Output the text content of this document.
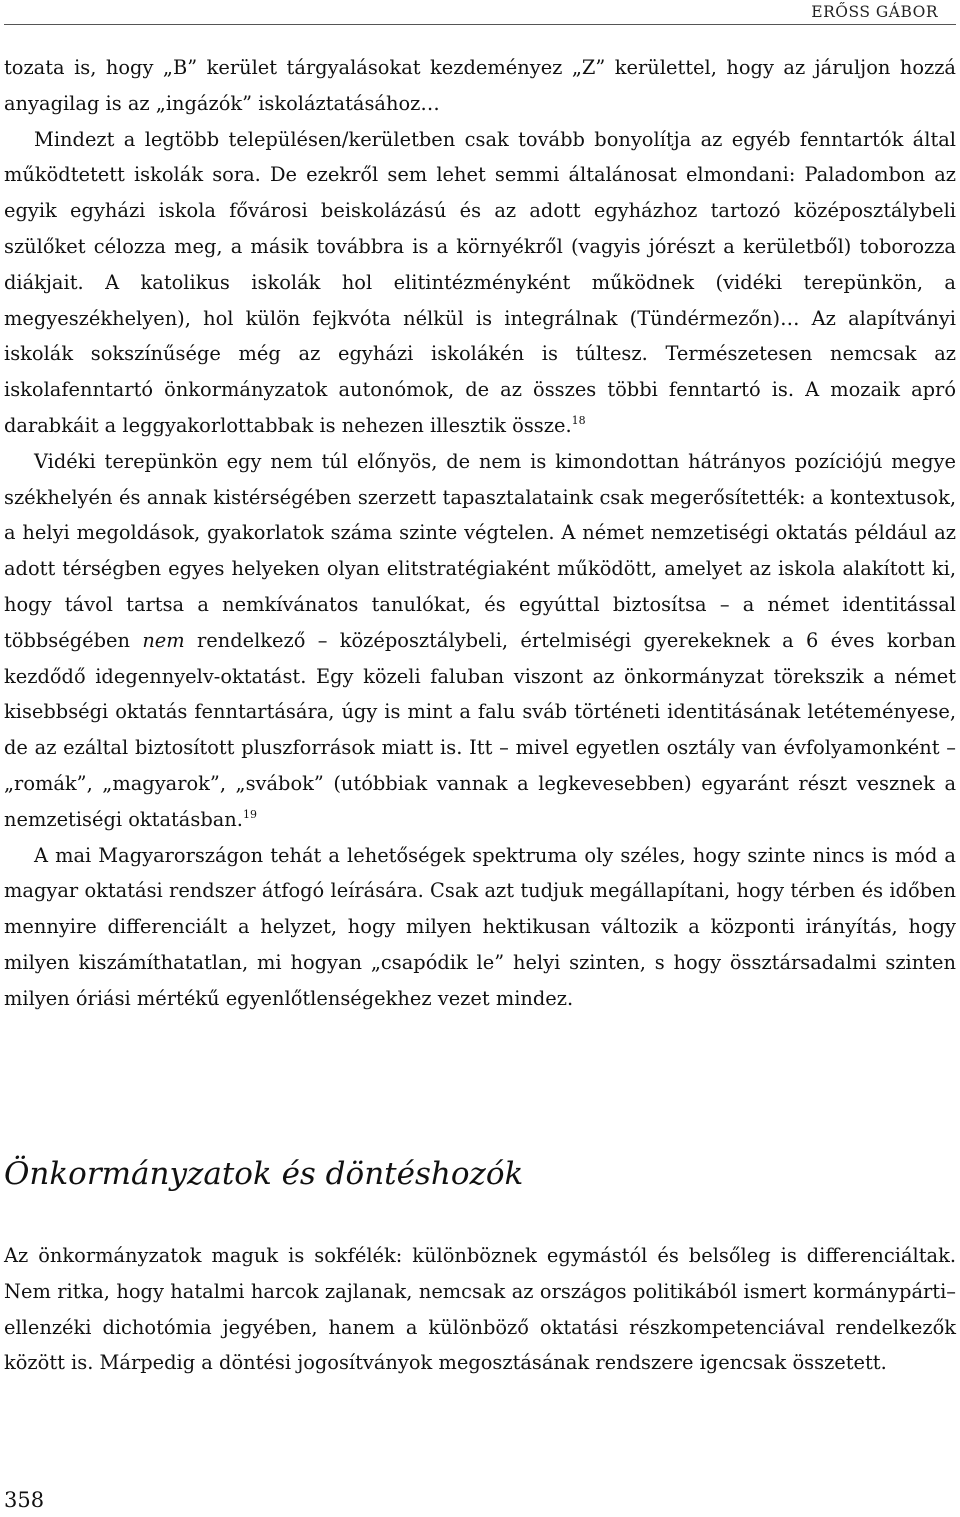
ERŐSS GÁBOR

tozata is, hogy „B” kerület tárgyalásokat kezdeményez „Z” kerülettel, hogy az járuljon hozzá anyagilag is az „ingázók” iskoláztatásához…

Mindezt a legtöbb településen/kerületben csak tovább bonyolítja az egyéb fenntartók által működtetett iskolák sora. De ezekről sem lehet semmi általánosat elmondani: Paladombon az egyik egyházi iskola fővárosi beiskolázású és az adott egyházhoz tartozó középosztálybeli szülőket célozza meg, a másik továbbra is a környékről (vagyis jórészt a kerületből) toborozza diákjait. A katolikus iskolák hol elitintézményként működnek (vidéki terepünkön, a megyeszékhelyen), hol külön fejkvóta nélkül is integrálnak (Tündérmezőn)… Az alapítványi iskolák sokszínűsége még az egyházi iskolákén is túltesz. Természetesen nemcsak az iskolafenntartó önkormányzatok autonómok, de az összes többi fenntartó is. A mozaik apró darabkáit a leggyakorlottabbak is nehezen illesztik össze.$^{18}$

Vidéki terepünkön egy nem túl előnyös, de nem is kimondottan hátrányos pozíciójú megye székhelyén és annak kistérségében szerzett tapasztalataink csak megerősítették: a kontextusok, a helyi megoldások, gyakorlatok száma szinte végtelen. A német nemzetiségi oktatás például az adott térségben egyes helyeken olyan elitstratégiaként működött, amelyet az iskola alakított ki, hogy távol tartsa a nemkívánatos tanulókat, és egyúttal biztosítsa – a német identitással többségében nem rendelkező – középosztálybeli, értelmiségi gyerekeknek a 6 éves korban kezdődő idegennyelv-oktatást. Egy közeli faluban viszont az önkormányzat törekszik a német kisebbségi oktatás fenntartására, úgy is mint a falu sváb történeti identitásának letéteményese, de az ezáltal biztosított pluszforrások miatt is. Itt – mivel egyetlen osztály van évfolyamonként – „romák”, „magyarok”, „svábok” (utóbbiak vannak a legkevesebben) egyaránt részt vesznek a nemzetiségi oktatásban.$^{19}$

A mai Magyarországon tehát a lehetőségek spektruma oly széles, hogy szinte nincs is mód a magyar oktatási rendszer átfogó leírására. Csak azt tudjuk megállapítani, hogy térben és időben mennyire differenciált a helyzet, hogy milyen hektikusan változik a központi irányítás, hogy milyen kiszámíthatatlan, mi hogyan „csapódik le” helyi szinten, s hogy össztársadalmi szinten milyen óriási mértékű egyenlőtlenségekhez vezet mindez.

Önkormányzatok és döntéshozók

Az önkormányzatok maguk is sokfélék: különböznek egymástól és belsőleg is differenciáltak. Nem ritka, hogy hatalmi harcok zajlanak, nemcsak az országos politikából ismert kormánypárti–ellenzéki dichotómia jegyében, hanem a különböző oktatási részkompetenciával rendelkezők között is. Márpedig a döntési jogosítványok megosztásának rendszere igencsak összetett.

358
